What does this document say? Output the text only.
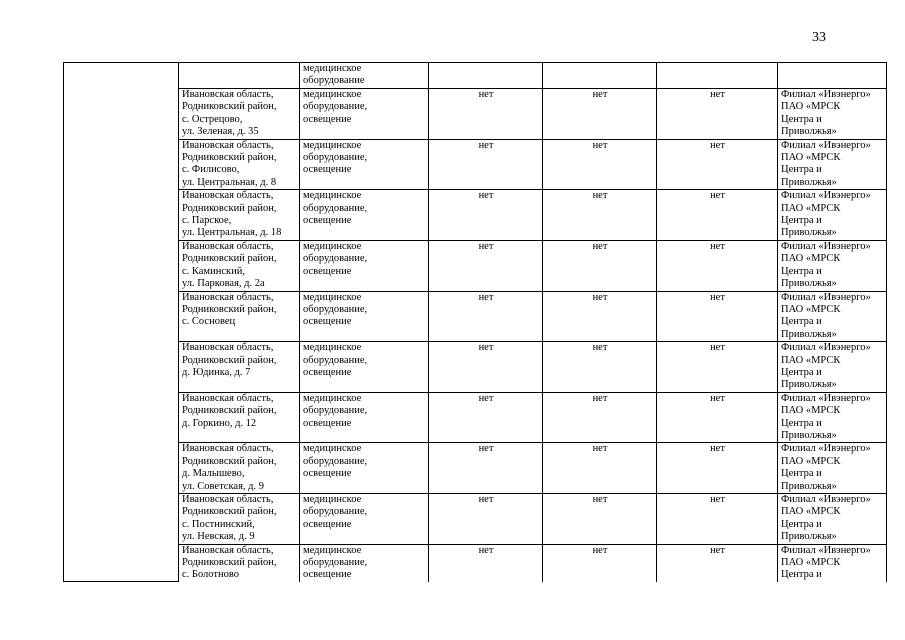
33
		медицинское
оборудование				
	Ивановская область,
Родниковский район,
с. Острецово,
ул. Зеленая, д. 35	медицинское
оборудование,
освещение	нет	нет	нет	Филиал «Ивэнерго»
ПАО «МРСК
Центра и
Приволжья»
	Ивановская область,
Родниковский район,
с. Филисово,
ул. Центральная, д. 8	медицинское
оборудование,
освещение	нет	нет	нет	Филиал «Ивэнерго»
ПАО «МРСК
Центра и
Приволжья»
	Ивановская область,
Родниковский район,
с. Парское,
ул. Центральная, д. 18	медицинское
оборудование,
освещение	нет	нет	нет	Филиал «Ивэнерго»
ПАО «МРСК
Центра и
Приволжья»
	Ивановская область,
Родниковский район,
с. Каминский,
ул. Парковая, д. 2а	медицинское
оборудование,
освещение	нет	нет	нет	Филиал «Ивэнерго»
ПАО «МРСК
Центра и
Приволжья»
	Ивановская область,
Родниковский район,
с. Сосновец	медицинское
оборудование,
освещение	нет	нет	нет	Филиал «Ивэнерго»
ПАО «МРСК
Центра и
Приволжья»
	Ивановская область,
Родниковский район,
д. Юдинка, д. 7	медицинское
оборудование,
освещение	нет	нет	нет	Филиал «Ивэнерго»
ПАО «МРСК
Центра и
Приволжья»
	Ивановская область,
Родниковский район,
д. Горкино, д. 12	медицинское
оборудование,
освещение	нет	нет	нет	Филиал «Ивэнерго»
ПАО «МРСК
Центра и
Приволжья»
	Ивановская область,
Родниковский район,
д. Малышево,
ул. Советская, д. 9	медицинское
оборудование,
освещение	нет	нет	нет	Филиал «Ивэнерго»
ПАО «МРСК
Центра и
Приволжья»
	Ивановская область,
Родниковский район,
с. Постнинский,
ул. Невская, д. 9	медицинское
оборудование,
освещение	нет	нет	нет	Филиал «Ивэнерго»
ПАО «МРСК
Центра и
Приволжья»
	Ивановская область,
Родниковский район,
с. Болотново	медицинское
оборудование,
освещение	нет	нет	нет	Филиал «Ивэнерго»
ПАО «МРСК
Центра и
